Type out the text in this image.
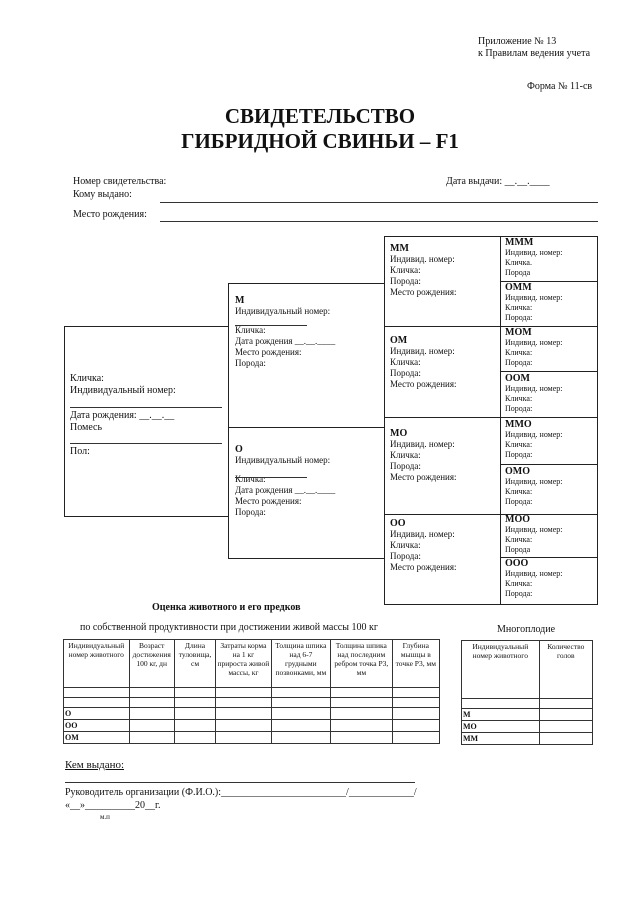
Приложение № 13
к Правилам ведения учета
Форма № 11-св
СВИДЕТЕЛЬСТВО
ГИБРИДНОЙ СВИНЬИ – F1
Номер свидетельства:	Дата выдачи: __.__.____
Кому выдано:
Место рождения:
Кличка:
Индивидуальный номер:
Дата рождения: __.__.__
Помесь
Пол:
М
Индивидуальный номер:
Кличка:
Дата рождения __.__.____
Место рождения:
Порода:
О
Индивидуальный номер:
Кличка:
Дата рождения __.__.____
Место рождения:
Порода:
ММ
Индивид. номер:
Кличка:
Порода:
Место рождения:
ОМ
Индивид. номер:
Кличка:
Порода:
Место рождения:
МО
Индивид. номер:
Кличка:
Порода:
Место рождения:
ОО
Индивид. номер:
Кличка:
Порода:
Место рождения:
МММ
Индивид. номер:
Кличка.
Порода
ОММ
Индивид. номер:
Кличка:
Порода:
МОМ
Индивид. номер:
Кличка:
Порода:
ООМ
Индивид. номер:
Кличка:
Порода:
ММО
Индивид. номер:
Кличка:
Порода:
ОМО
Индивид. номер:
Кличка:
Порода:
МОО
Индивид. номер:
Кличка:
Порода
ООО
Индивид. номер:
Кличка:
Порода:
Оценка животного и его предков
по собственной продуктивности при достижении живой массы 100 кг	Многоплодие
Индивидуальный номер животного	Возраст достижения 100 кг, дн	Длина туловища, см	Затраты корма на 1 кг прироста живой массы, кг	Толщина шпика над 6-7 грудными позвонками, мм	Толщина шпика над последним ребром точка Р3, мм	Глубина мышцы в точке Р3, мм

О						
ОО						
ОМ						
Индивидуальный номер животного	Количество голов

М	
МО	
ММ	
Кем выдано:
Руководитель организации (Ф.И.О.):_________________________/_____________/
«__»__________20__г.
м.п
